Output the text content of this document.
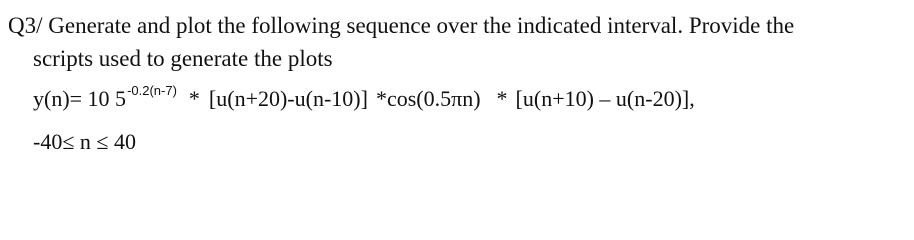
Q3/ Generate and plot the following sequence over the indicated interval. Provide the
scripts used to generate the plots
y(n)= 10 $5^{-0.2(n-7)} * [u(n+20)-u(n-10)]$ *cos(0.5πn) * [u(n+10) – u(n-20)],
-40≤ n ≤ 40
